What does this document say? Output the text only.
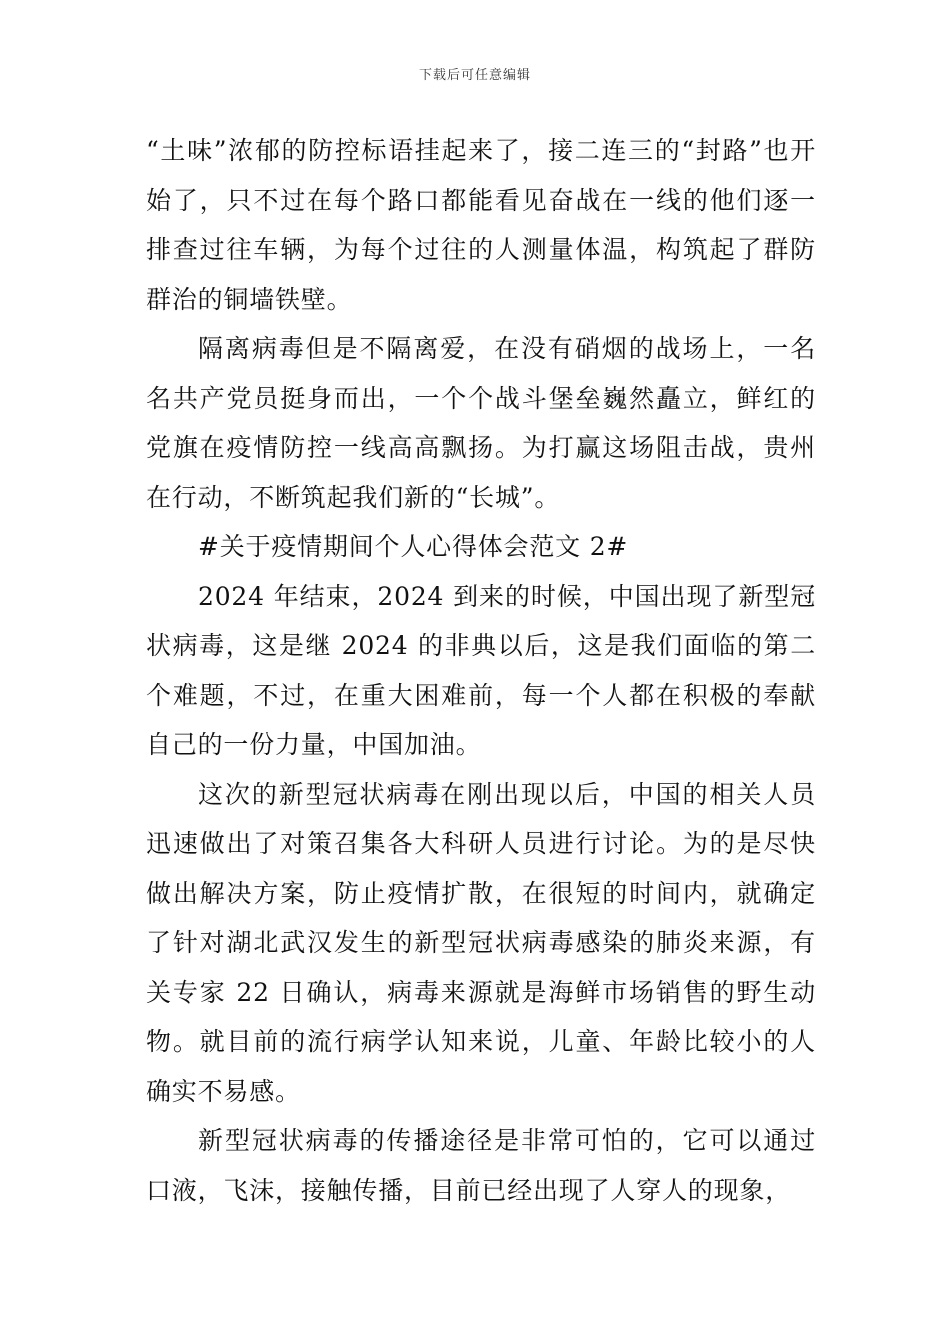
下载后可任意编辑

“土味”浓郁的防控标语挂起来了，接二连三的“封路”也开始了，只不过在每个路口都能看见奋战在一线的他们逐一排查过往车辆，为每个过往的人测量体温，构筑起了群防群治的铜墙铁壁。

隔离病毒但是不隔离爱，在没有硝烟的战场上，一名名共产党员挺身而出，一个个战斗堡垒巍然矗立，鲜红的党旗在疫情防控一线高高飘扬。为打赢这场阻击战，贵州在行动，不断筑起我们新的“长城”。

#关于疫情期间个人心得体会范文 2#

2024 年结束，2024 到来的时候，中国出现了新型冠状病毒，这是继 2024 的非典以后，这是我们面临的第二个难题，不过，在重大困难前，每一个人都在积极的奉献自己的一份力量，中国加油。

这次的新型冠状病毒在刚出现以后，中国的相关人员迅速做出了对策召集各大科研人员进行讨论。为的是尽快做出解决方案，防止疫情扩散，在很短的时间内，就确定了针对湖北武汉发生的新型冠状病毒感染的肺炎来源，有关专家 22 日确认，病毒来源就是海鲜市场销售的野生动物。就目前的流行病学认知来说，儿童、年龄比较小的人确实不易感。

新型冠状病毒的传播途径是非常可怕的，它可以通过口液，飞沫，接触传播，目前已经出现了人穿人的现象，
